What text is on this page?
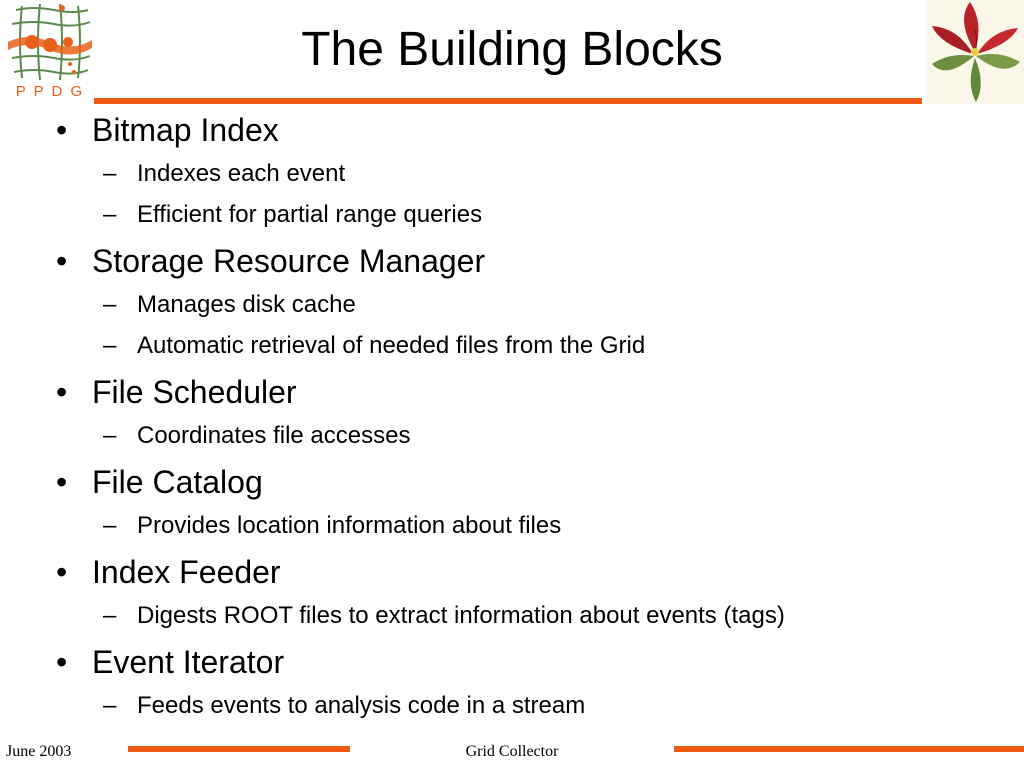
P P D G
The Building Blocks
• Bitmap Index
– Indexes each event
– Efficient for partial range queries
• Storage Resource Manager
– Manages disk cache
– Automatic retrieval of needed files from the Grid
• File Scheduler
– Coordinates file accesses
• File Catalog
– Provides location information about files
• Index Feeder
– Digests ROOT files to extract information about events (tags)
• Event Iterator
– Feeds events to analysis code in a stream
June 2003	Grid Collector
